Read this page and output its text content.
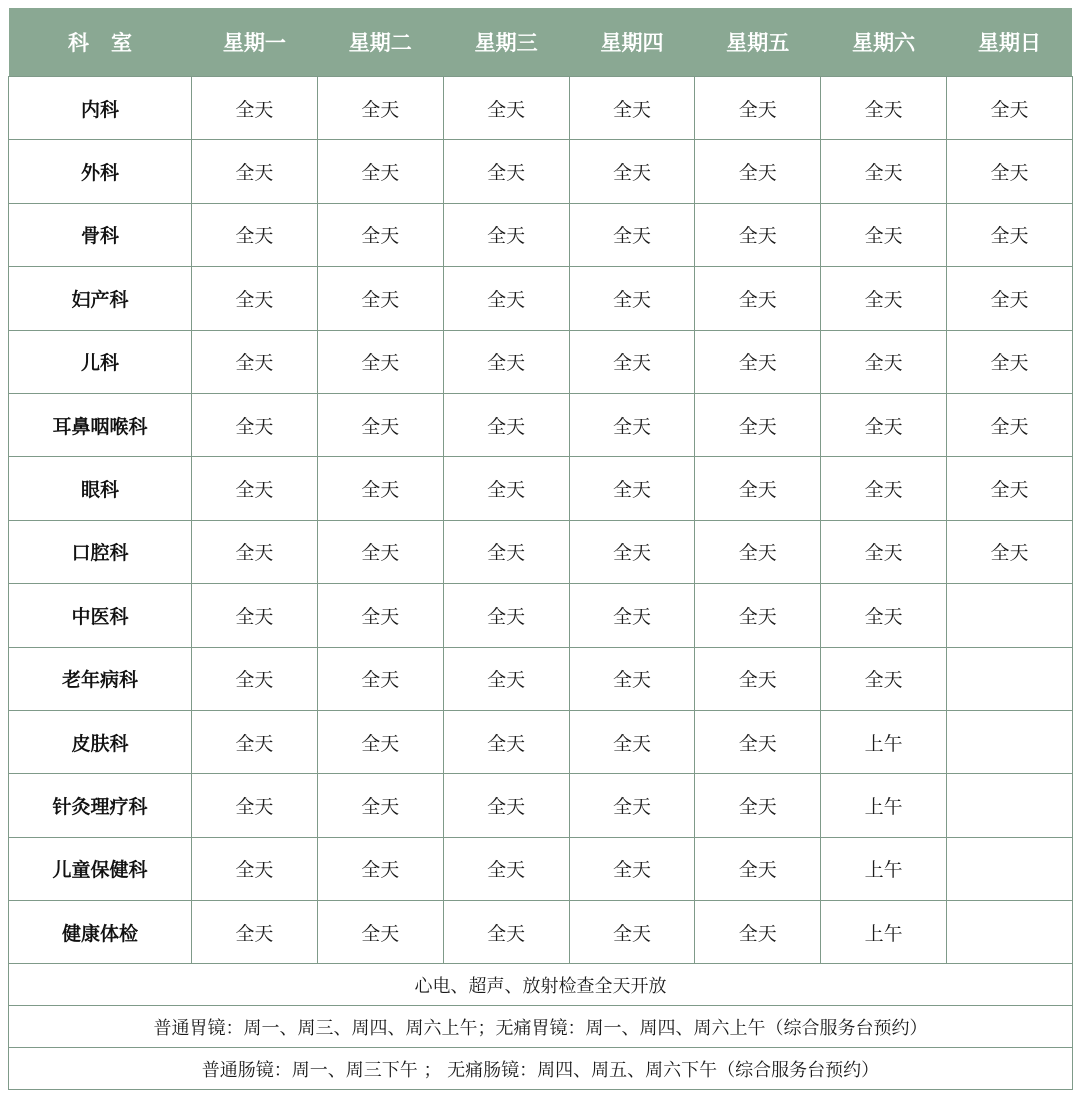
科 室	星期一	星期二	星期三	星期四	星期五	星期六	星期日
内科	全天	全天	全天	全天	全天	全天	全天
外科	全天	全天	全天	全天	全天	全天	全天
骨科	全天	全天	全天	全天	全天	全天	全天
妇产科	全天	全天	全天	全天	全天	全天	全天
儿科	全天	全天	全天	全天	全天	全天	全天
耳鼻咽喉科	全天	全天	全天	全天	全天	全天	全天
眼科	全天	全天	全天	全天	全天	全天	全天
口腔科	全天	全天	全天	全天	全天	全天	全天
中医科	全天	全天	全天	全天	全天	全天	
老年病科	全天	全天	全天	全天	全天	全天	
皮肤科	全天	全天	全天	全天	全天	上午	
针灸理疗科	全天	全天	全天	全天	全天	上午	
儿童保健科	全天	全天	全天	全天	全天	上午	
健康体检	全天	全天	全天	全天	全天	上午	
心电、超声、放射检查全天开放							
普通胃镜：周一、周三、周四、周六上午；无痛胃镜：周一、周四、周六上午（综合服务台预约）							
普通肠镜：周一、周三下午 ； 无痛肠镜：周四、周五、周六下午（综合服务台预约）							
